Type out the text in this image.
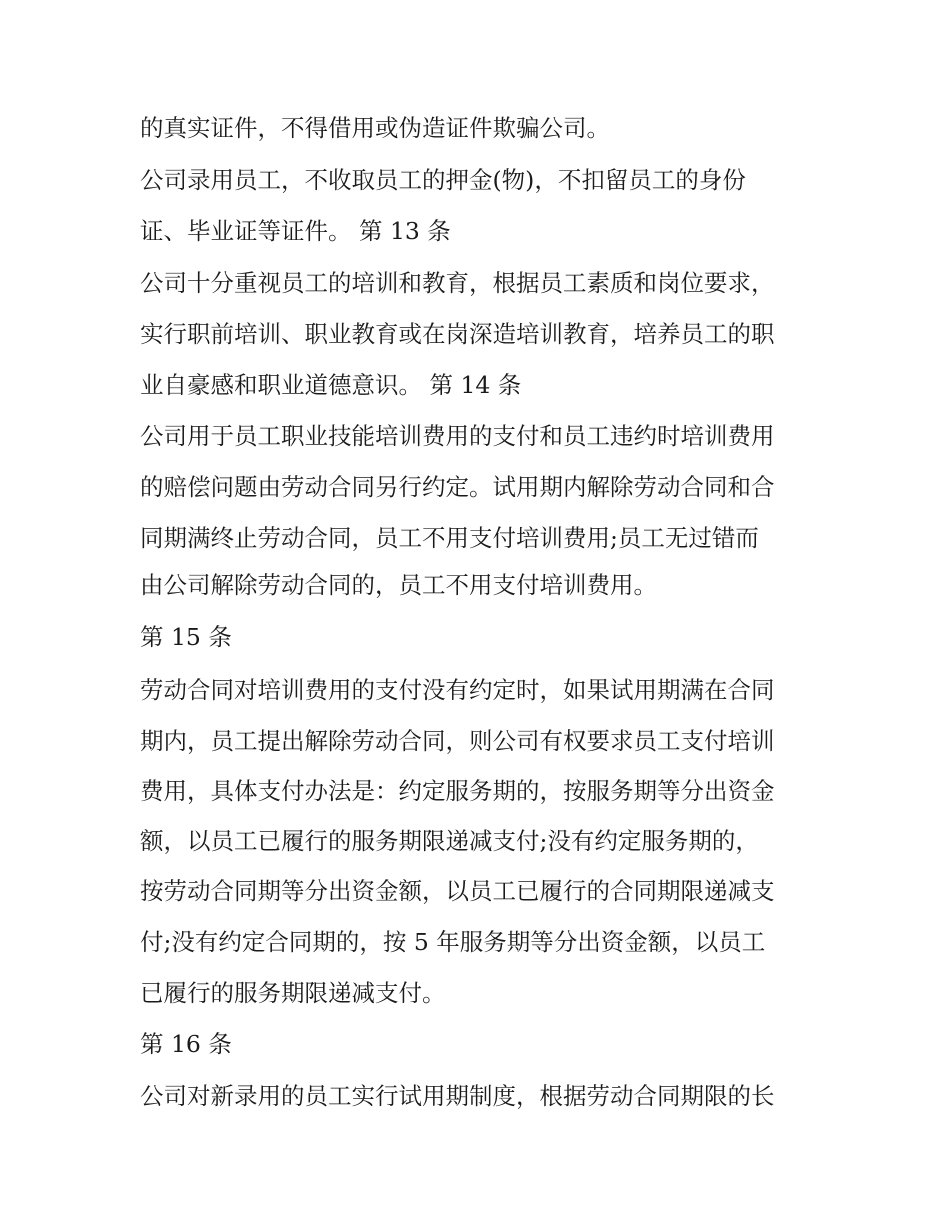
的真实证件，不得借用或伪造证件欺骗公司。
公司录用员工，不收取员工的押金(物)，不扣留员工的身份
证、毕业证等证件。 第 13 条
公司十分重视员工的培训和教育，根据员工素质和岗位要求，
实行职前培训、职业教育或在岗深造培训教育，培养员工的职
业自豪感和职业道德意识。 第 14 条
公司用于员工职业技能培训费用的支付和员工违约时培训费用
的赔偿问题由劳动合同另行约定。试用期内解除劳动合同和合
同期满终止劳动合同，员工不用支付培训费用;员工无过错而
由公司解除劳动合同的，员工不用支付培训费用。
第 15 条
劳动合同对培训费用的支付没有约定时，如果试用期满在合同
期内，员工提出解除劳动合同，则公司有权要求员工支付培训
费用，具体支付办法是：约定服务期的，按服务期等分出资金
额，以员工已履行的服务期限递减支付;没有约定服务期的，
按劳动合同期等分出资金额，以员工已履行的合同期限递减支
付;没有约定合同期的，按 5 年服务期等分出资金额，以员工
已履行的服务期限递减支付。
第 16 条
公司对新录用的员工实行试用期制度，根据劳动合同期限的长
